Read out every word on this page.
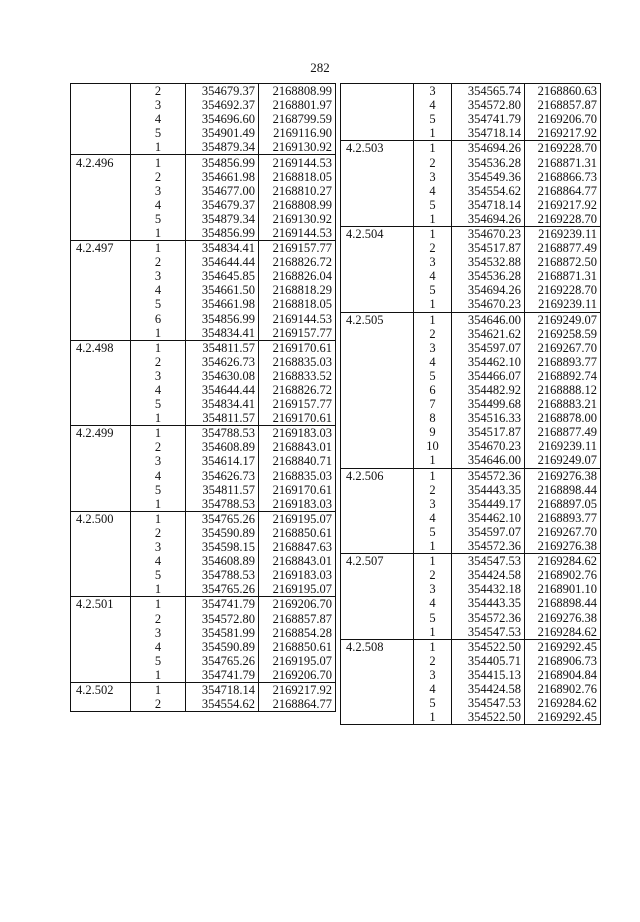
282
	2	354679.37	2168808.99
	3	354692.37	2168801.97
	4	354696.60	2168799.59
	5	354901.49	2169116.90
	1	354879.34	2169130.92
4.2.496	1	354856.99	2169144.53
	2	354661.98	2168818.05
	3	354677.00	2168810.27
	4	354679.37	2168808.99
	5	354879.34	2169130.92
	1	354856.99	2169144.53
4.2.497	1	354834.41	2169157.77
	2	354644.44	2168826.72
	3	354645.85	2168826.04
	4	354661.50	2168818.29
	5	354661.98	2168818.05
	6	354856.99	2169144.53
	1	354834.41	2169157.77
4.2.498	1	354811.57	2169170.61
	2	354626.73	2168835.03
	3	354630.08	2168833.52
	4	354644.44	2168826.72
	5	354834.41	2169157.77
	1	354811.57	2169170.61
4.2.499	1	354788.53	2169183.03
	2	354608.89	2168843.01
	3	354614.17	2168840.71
	4	354626.73	2168835.03
	5	354811.57	2169170.61
	1	354788.53	2169183.03
4.2.500	1	354765.26	2169195.07
	2	354590.89	2168850.61
	3	354598.15	2168847.63
	4	354608.89	2168843.01
	5	354788.53	2169183.03
	1	354765.26	2169195.07
4.2.501	1	354741.79	2169206.70
	2	354572.80	2168857.87
	3	354581.99	2168854.28
	4	354590.89	2168850.61
	5	354765.26	2169195.07
	1	354741.79	2169206.70
4.2.502	1	354718.14	2169217.92
	2	354554.62	2168864.77
	3	354565.74	2168860.63
	4	354572.80	2168857.87
	5	354741.79	2169206.70
	1	354718.14	2169217.92
4.2.503	1	354694.26	2169228.70
	2	354536.28	2168871.31
	3	354549.36	2168866.73
	4	354554.62	2168864.77
	5	354718.14	2169217.92
	1	354694.26	2169228.70
4.2.504	1	354670.23	2169239.11
	2	354517.87	2168877.49
	3	354532.88	2168872.50
	4	354536.28	2168871.31
	5	354694.26	2169228.70
	1	354670.23	2169239.11
4.2.505	1	354646.00	2169249.07
	2	354621.62	2169258.59
	3	354597.07	2169267.70
	4	354462.10	2168893.77
	5	354466.07	2168892.74
	6	354482.92	2168888.12
	7	354499.68	2168883.21
	8	354516.33	2168878.00
	9	354517.87	2168877.49
	10	354670.23	2169239.11
	1	354646.00	2169249.07
4.2.506	1	354572.36	2169276.38
	2	354443.35	2168898.44
	3	354449.17	2168897.05
	4	354462.10	2168893.77
	5	354597.07	2169267.70
	1	354572.36	2169276.38
4.2.507	1	354547.53	2169284.62
	2	354424.58	2168902.76
	3	354432.18	2168901.10
	4	354443.35	2168898.44
	5	354572.36	2169276.38
	1	354547.53	2169284.62
4.2.508	1	354522.50	2169292.45
	2	354405.71	2168906.73
	3	354415.13	2168904.84
	4	354424.58	2168902.76
	5	354547.53	2169284.62
	1	354522.50	2169292.45
